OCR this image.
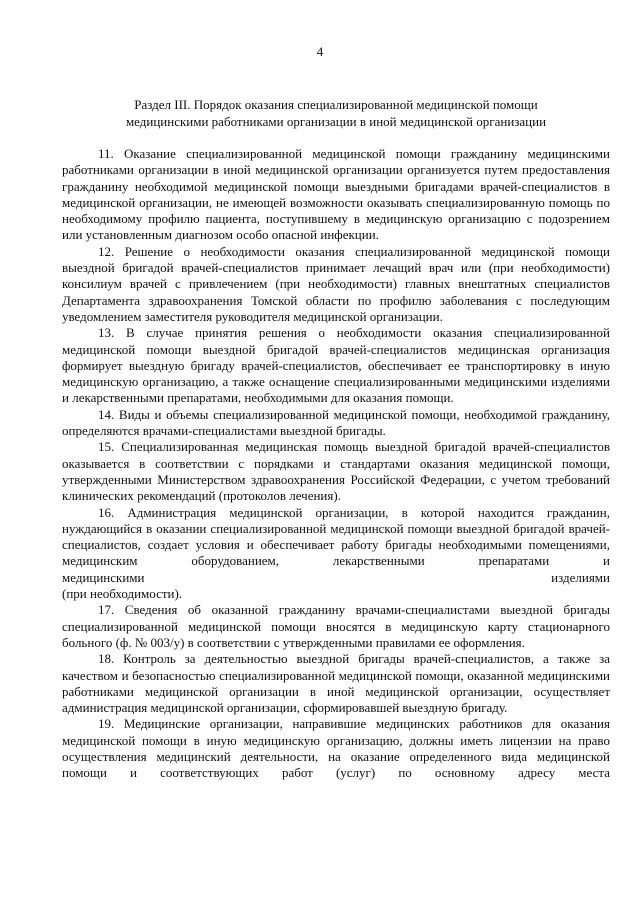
4
Раздел III. Порядок оказания специализированной медицинской помощи
медицинскими работниками организации в иной медицинской организации

11. Оказание специализированной медицинской помощи гражданину медицинскими работниками организации в иной медицинской организации организуется путем предоставления гражданину необходимой медицинской помощи выездными бригадами врачей-специалистов в медицинской организации, не имеющей возможности оказывать специализированную помощь по необходимому профилю пациента, поступившему в медицинскую организацию с подозрением или установленным диагнозом особо опасной инфекции.

12. Решение о необходимости оказания специализированной медицинской помощи выездной бригадой врачей-специалистов принимает лечащий врач или (при необходимости) консилиум врачей с привлечением (при необходимости) главных внештатных специалистов Департамента здравоохранения Томской области по профилю заболевания с последующим уведомлением заместителя руководителя медицинской организации.

13. В случае принятия решения о необходимости оказания специализированной медицинской помощи выездной бригадой врачей-специалистов медицинская организация формирует выездную бригаду врачей-специалистов, обеспечивает ее транспортировку в иную медицинскую организацию, а также оснащение специализированными медицинскими изделиями и лекарственными препаратами, необходимыми для оказания помощи.

14. Виды и объемы специализированной медицинской помощи, необходимой гражданину, определяются врачами-специалистами выездной бригады.

15. Специализированная медицинская помощь выездной бригадой врачей-специалистов оказывается в соответствии с порядками и стандартами оказания медицинской помощи, утвержденными Министерством здравоохранения Российской Федерации, с учетом требований клинических рекомендаций (протоколов лечения).

16. Администрация медицинской организации, в которой находится гражданин, нуждающийся в оказании специализированной медицинской помощи выездной бригадой врачей-специалистов, создает условия и обеспечивает работу бригады необходимыми помещениями, медицинским оборудованием, лекарственными препаратами и

медицинскими	изделиями
(при необходимости).

17. Сведения об оказанной гражданину врачами-специалистами выездной бригады специализированной медицинской помощи вносятся в медицинскую карту стационарного больного (ф. № 003/у) в соответствии с утвержденными правилами ее оформления.

18. Контроль за деятельностью выездной бригады врачей-специалистов, а также за качеством и безопасностью специализированной медицинской помощи, оказанной медицинскими работниками медицинской организации в иной медицинской организации, осуществляет администрация медицинской организации, сформировавшей выездную бригаду.

19. Медицинские организации, направившие медицинских работников для оказания медицинской помощи в иную медицинскую организацию, должны иметь лицензии на право осуществления медицинский деятельности, на оказание определенного вида медицинской помощи и соответствующих работ (услуг) по основному адресу места
